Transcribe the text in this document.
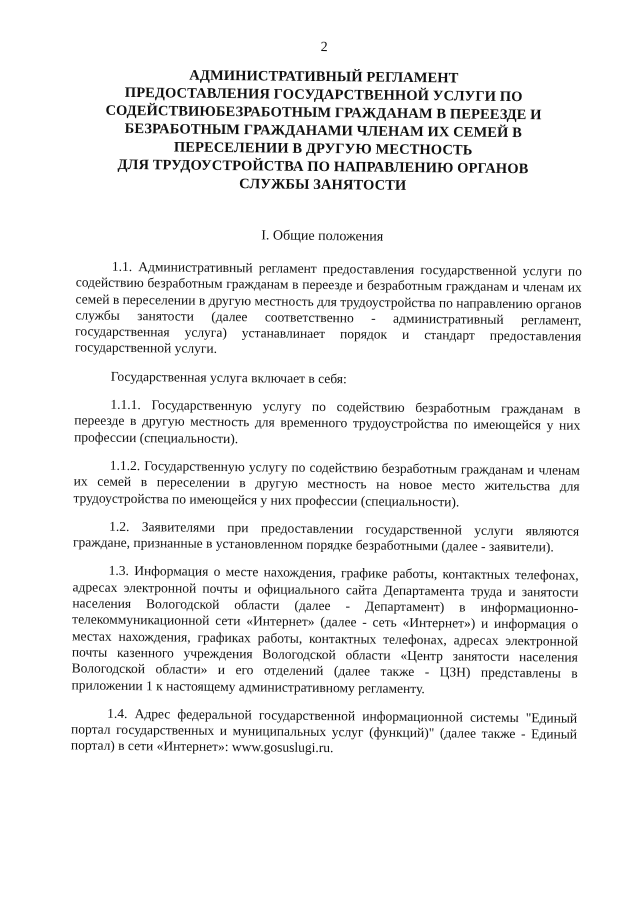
2
АДМИНИСТРАТИВНЫЙ РЕГЛАМЕНТ
ПРЕДОСТАВЛЕНИЯ ГОСУДАРСТВЕННОЙ УСЛУГИ ПО
СОДЕЙСТВИЮБЕЗРАБОТНЫМ ГРАЖДАНАМ В ПЕРЕЕЗДЕ И
БЕЗРАБОТНЫМ ГРАЖДАНАМИ ЧЛЕНАМ ИХ СЕМЕЙ В
ПЕРЕСЕЛЕНИИ В ДРУГУЮ МЕСТНОСТЬ
ДЛЯ ТРУДОУСТРОЙСТВА ПО НАПРАВЛЕНИЮ ОРГАНОВ
СЛУЖБЫ ЗАНЯТОСТИ
I. Общие положения

1.1. Административный регламент предоставления государственной услуги по содействию безработным гражданам в переезде и безработным гражданам и членам их семей в переселении в другую местность для трудоустройства по направлению органов службы занятости (далее соответственно - административный регламент, государственная услуга) устанавлинает порядок и стандарт предоставления государственной услуги.

Государственная услуга включает в себя:

1.1.1. Государственную услугу по содействию безработным гражданам в переезде в другую местность для временного трудоустройства по имеющейся у них профессии (специальности).

1.1.2. Государственную услугу по содействию безработным гражданам и членам их семей в переселении в другую местность на новое место жительства для трудоустройства по имеющейся у них профессии (специальности).

1.2. Заявителями при предоставлении государственной услуги являются граждане, признанные в установленном порядке безработными (далее - заявители).

1.3. Информация о месте нахождения, графике работы, контактных телефонах, адресах электронной почты и официального сайта Департамента труда и занятости населения Вологодской области (далее - Департамент) в информационно-телекоммуникационной сети «Интернет» (далее - сеть «Интернет») и информация о местах нахождения, графиках работы, контактных телефонах, адресах электронной почты казенного учреждения Вологодской области «Центр занятости населения Вологодской области» и его отделений (далее также - ЦЗН) представлены в приложении 1 к настоящему административному регламенту.

1.4. Адрес федеральной государственной информационной системы "Единый портал государственных и муниципальных услуг (функций)" (далее также - Единый портал) в сети «Интернет»: www.gosuslugi.ru.
